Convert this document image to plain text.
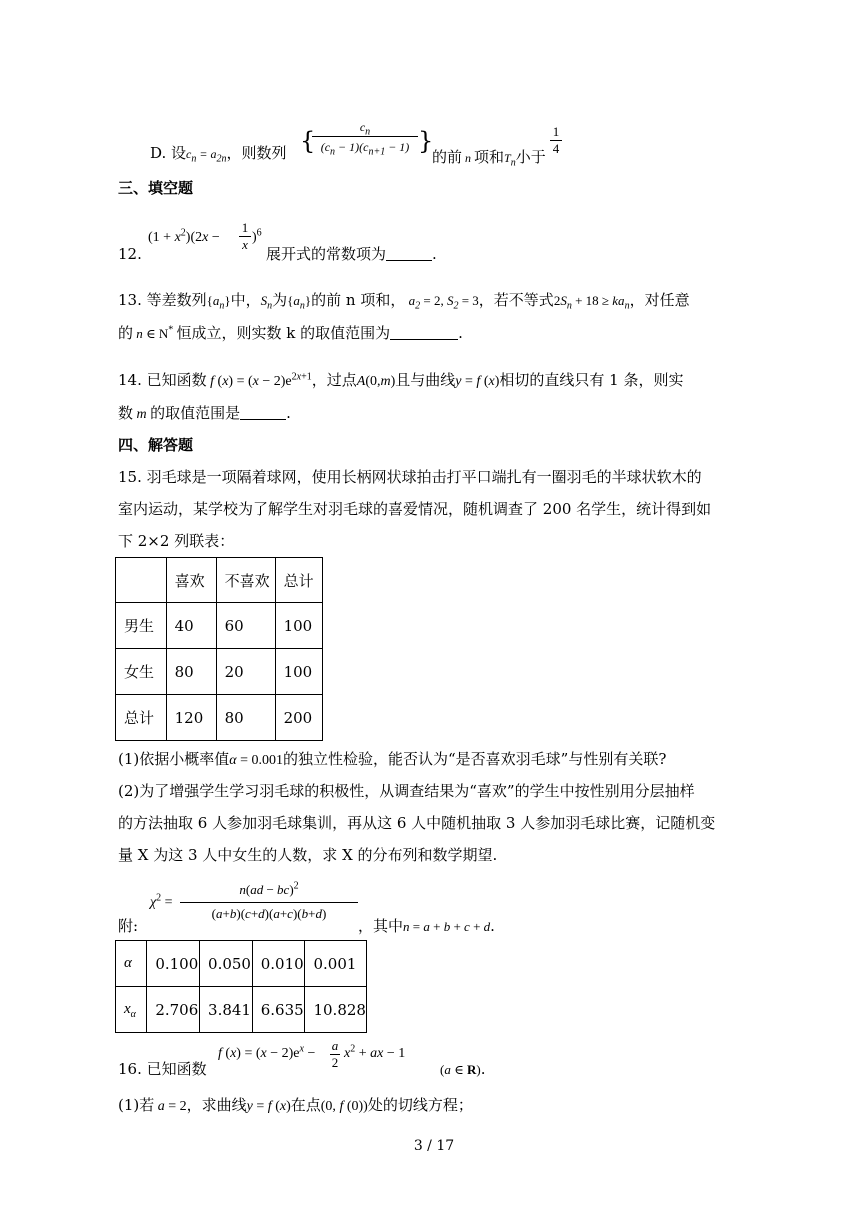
D. 设$c_n = a_{2n}$，则数列 {	$c_n$
$(c_n - 1)(c_{n+1} - 1)$ }
的前 n 项和$T_n$小于
1
4
三、填空题
12.
$(1 + x^2)(2x$ −
1
x )$^6$
展开式的常数项为	.
13. 等差数列$\{a_n\}$中，$S_n$为$\{a_n\}$的前 n 项和， $a_2 = 2$, $S_2 = 3$，若不等式$2S_n + 18 \ge ka_n$，对任意
的 n ∈ N* 恒成立，则实数 k 的取值范围为	.
14. 已知函数 f $(x) = (x - 2)e^{2x+1}$，过点A(0,m)且与曲线y = f (x)相切的直线只有 1 条，则实
数 m 的取值范围是	.
四、解答题
15. 羽毛球是一项隔着球网，使用长柄网状球拍击打平口端扎有一圈羽毛的半球状软木的
室内运动，某学校为了解学生对羽毛球的喜爱情况，随机调查了 200 名学生，统计得到如
下 2×2 列联表：
	喜欢	不喜欢	总计
男生	40	60	100
女生	80	20	100
总计	120	80	200
(1)依据小概率值α = 0.001的独立性检验，能否认为“是否喜欢羽毛球”与性别有关联?
(2)为了增强学生学习羽毛球的积极性，从调查结果为“喜欢”的学生中按性别用分层抽样
的方法抽取 6 人参加羽毛球集训，再从这 6 人中随机抽取 3 人参加羽毛球比赛，记随机变
量 X 为这 3 人中女生的人数，求 X 的分布列和数学期望.
附:
$\chi^2$ =
n(ad − bc)$^2$
(a+b)(c+d)(a+c)(b+d)
，其中n = a + b + c + d.
α	0.100	0.050	0.010	0.001
$x_\alpha$	2.706	3.841	6.635	10.828
16. 已知函数
f $(x) = (x - 2)e^x$ −
a
2
$x^2$ + ax − 1
(a ∈ R).
(1)若 a = 2，求曲线y = f (x)在点(0, f (0))处的切线方程；
3 / 17
